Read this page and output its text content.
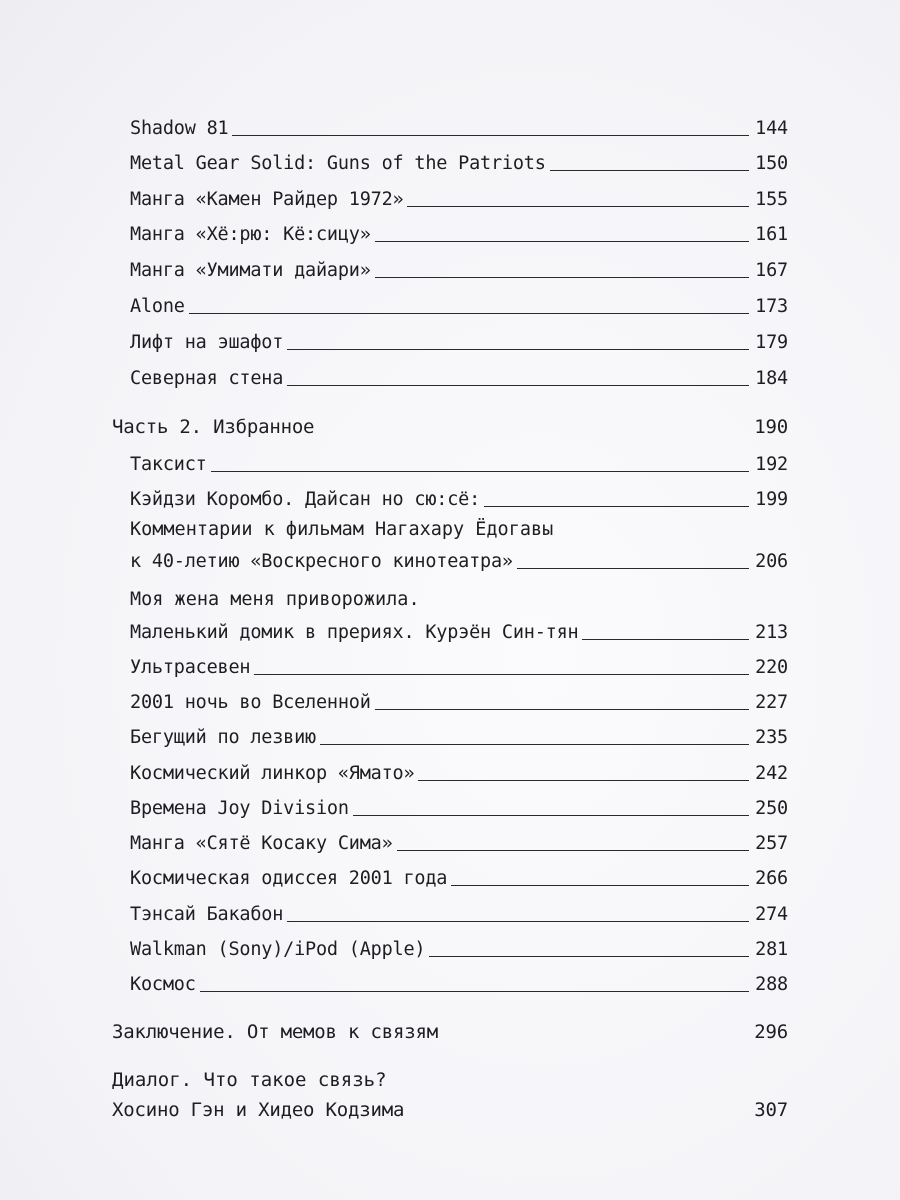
Shadow 81	144
Metal Gear Solid: Guns of the Patriots	150
Манга «Камен Райдер 1972»	155
Манга «Хё:рю: Кё:сицу»	161
Манга «Умимати дайари»	167
Alone	173
Лифт на эшафот	179
Северная стена	184
Часть 2. Избранное	190
Таксист	192
Кэйдзи Коромбо. Дайсан но сю:сё:	199
Комментарии к фильмам Нагахару Ёдогавы
к 40-летию «Воскресного кинотеатра»	206
Моя жена меня приворожила.
Маленький домик в прериях. Курэён Син-тян	213
Ультрасевен	220
2001 ночь во Вселенной	227
Бегущий по лезвию	235
Космический линкор «Ямато»	242
Времена Joy Division	250
Манга «Сятё Косаку Сима»	257
Космическая одиссея 2001 года	266
Тэнсай Бакабон	274
Walkman (Sony)/iPod (Apple)	281
Космос	288
Заключение. От мемов к связям	296
Диалог. Что такое связь?
Хосино Гэн и Хидео Кодзима	307
